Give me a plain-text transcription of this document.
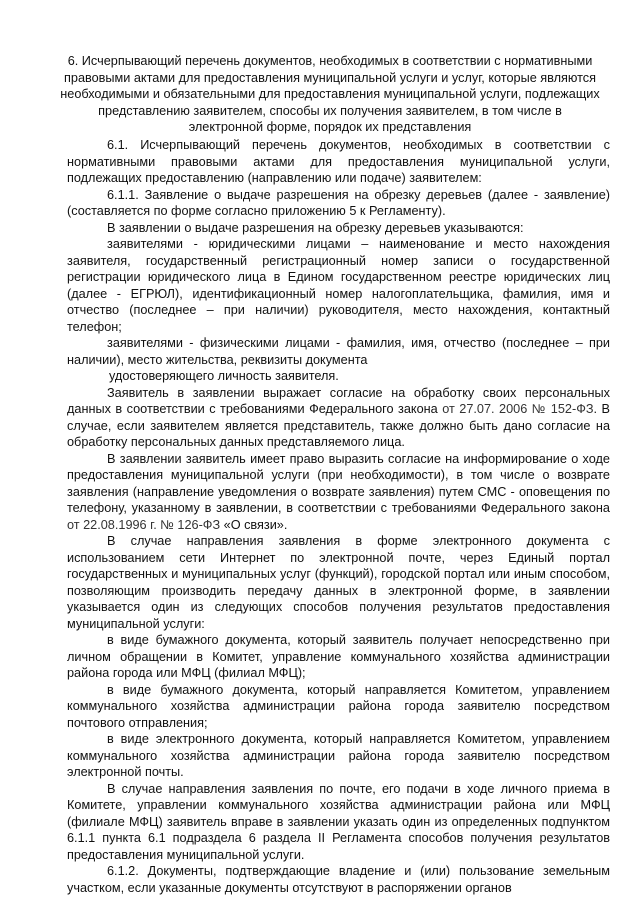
6. Исчерпывающий перечень документов, необходимых в соответствии с нормативными правовыми актами для предоставления муниципальной услуги и услуг, которые являются необходимыми и обязательными для предоставления муниципальной услуги, подлежащих представлению заявителем, способы их получения заявителем, в том числе в электронной форме, порядок их представления

6.1. Исчерпывающий перечень документов, необходимых в соответствии с нормативными правовыми актами для предоставления муниципальной услуги, подлежащих предоставлению (направлению или подаче) заявителем:

6.1.1. Заявление о выдаче разрешения на обрезку деревьев (далее - заявление) (составляется по форме согласно приложению 5 к Регламенту).

В заявлении о выдаче разрешения на обрезку деревьев указываются:

заявителями - юридическими лицами – наименование и место нахождения заявителя, государственный регистрационный номер записи о государственной регистрации юридического лица в Едином государственном реестре юридических лиц (далее - ЕГРЮЛ), идентификационный номер налогоплательщика, фамилия, имя и отчество (последнее – при наличии) руководителя, место нахождения, контактный телефон;

заявителями - физическими лицами - фамилия, имя, отчество (последнее – при наличии), место жительства, реквизиты документа

удостоверяющего личность заявителя.

Заявитель в заявлении выражает согласие на обработку своих персональных данных в соответствии с требованиями Федерального закона от 27.07. 2006 № 152-ФЗ. В случае, если заявителем является представитель, также должно быть дано согласие на обработку персональных данных представляемого лица.

В заявлении заявитель имеет право выразить согласие на информирование о ходе предоставления муниципальной услуги (при необходимости), в том числе о возврате заявления (направление уведомления о возврате заявления) путем СМС - оповещения по телефону, указанному в заявлении, в соответствии с требованиями Федерального закона от 22.08.1996 г. № 126-ФЗ «О связи».

В случае направления заявления в форме электронного документа с использованием сети Интернет по электронной почте, через Единый портал государственных и муниципальных услуг (функций), городской портал или иным способом, позволяющим производить передачу данных в электронной форме, в заявлении указывается один из следующих способов получения результатов предоставления муниципальной услуги:

в виде бумажного документа, который заявитель получает непосредственно при личном обращении в Комитет, управление коммунального хозяйства администрации района города или МФЦ (филиал МФЦ);

в виде бумажного документа, который направляется Комитетом, управлением коммунального хозяйства администрации района города заявителю посредством почтового отправления;

в виде электронного документа, который направляется Комитетом, управлением коммунального хозяйства администрации района города заявителю посредством электронной почты.

В случае направления заявления по почте, его подачи в ходе личного приема в Комитете, управлении коммунального хозяйства администрации района или МФЦ (филиале МФЦ) заявитель вправе в заявлении указать один из определенных подпунктом 6.1.1 пункта 6.1 подраздела 6 раздела II Регламента способов получения результатов предоставления муниципальной услуги.

6.1.2. Документы, подтверждающие владение и (или) пользование земельным участком, если указанные документы отсутствуют в распоряжении органов
